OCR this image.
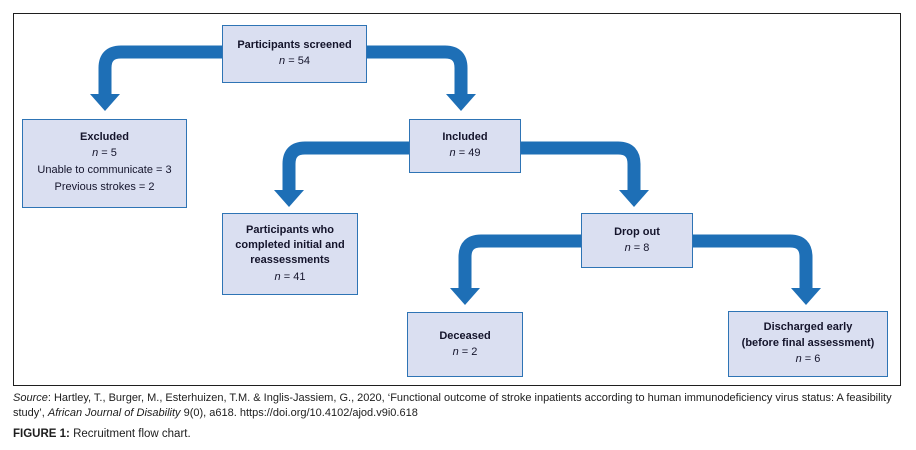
Participants screened
n = 54
Excluded
n = 5
Unable to communicate = 3
Previous strokes = 2
Included
n = 49
Participants who completed initial and reassessments
n = 41
Drop out
n = 8
Deceased
n = 2
Discharged early
(before final assessment)
n = 6

Source: Hartley, T., Burger, M., Esterhuizen, T.M. & Inglis-Jassiem, G., 2020, ‘Functional outcome of stroke inpatients according to human immunodeficiency virus status: A feasibility study’, African Journal of Disability 9(0), a618. https://doi.org/10.4102/ajod.v9i0.618

FIGURE 1: Recruitment flow chart.
